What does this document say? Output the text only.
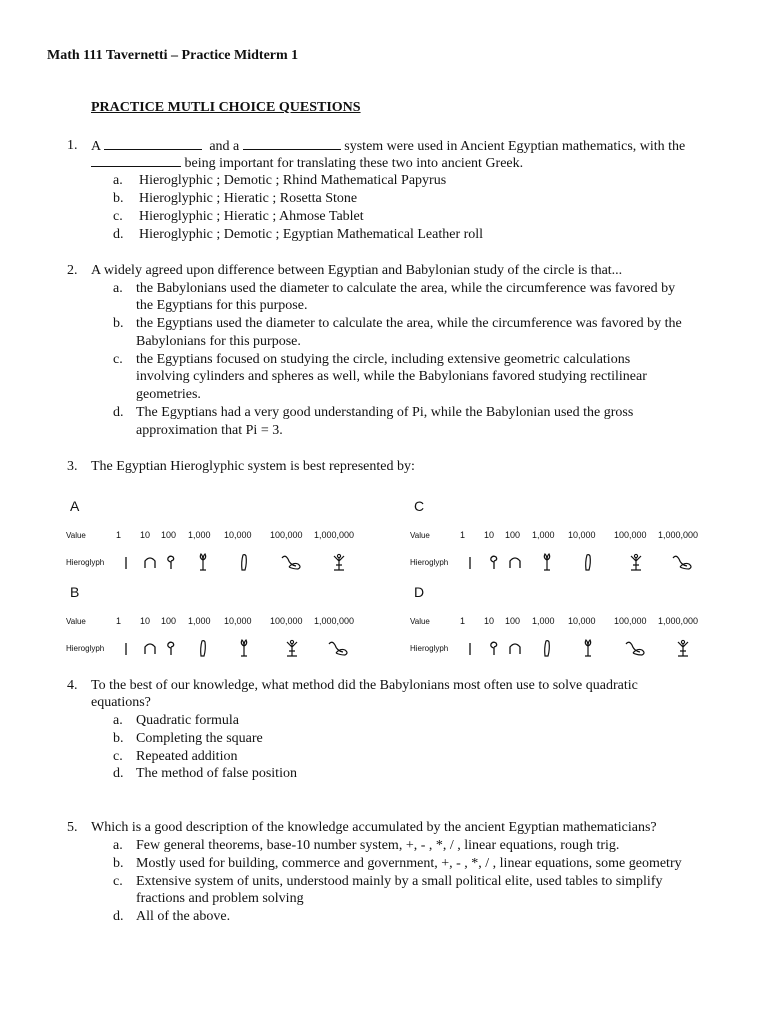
Math 111 Tavernetti – Practice Midterm 1
PRACTICE MUTLI CHOICE QUESTIONS
1. A	and a	system were used in Ancient Egyptian mathematics, with the
being important for translating these two into ancient Greek.
a. Hieroglyphic ; Demotic ; Rhind Mathematical Papyrus
b. Hieroglyphic ; Hieratic ; Rosetta Stone
c. Hieroglyphic ; Hieratic ; Ahmose Tablet
d. Hieroglyphic ; Demotic ; Egyptian Mathematical Leather roll
2. A widely agreed upon difference between Egyptian and Babylonian study of the circle is that...
a. the Babylonians used the diameter to calculate the area, while the circumference was favored by
the Egyptians for this purpose.
b. the Egyptians used the diameter to calculate the area, while the circumference was favored by the
Babylonians for this purpose.
c. the Egyptians focused on studying the circle, including extensive geometric calculations
involving cylinders and spheres as well, while the Babylonians favored studying rectilinear
geometries.
d. The Egyptians had a very good understanding of Pi, while the Babylonian used the gross
approximation that Pi = 3.
3. The Egyptian Hieroglyphic system is best represented by:
A
Value
Hieroglyph
1 10 100 1,000 10,000 100,000 1,000,000
C
Value
Hieroglyph
1 10 100 1,000 10,000 100,000 1,000,000
B
Value
Hieroglyph
1 10 100 1,000 10,000 100,000 1,000,000
D
Value
Hieroglyph
1 10 100 1,000 10,000 100,000 1,000,000
4. To the best of our knowledge, what method did the Babylonians most often use to solve quadratic
equations?
a. Quadratic formula
b. Completing the square
c. Repeated addition
d. The method of false position
5. Which is a good description of the knowledge accumulated by the ancient Egyptian mathematicians?
a. Few general theorems, base-10 number system, +, - , *, / , linear equations, rough trig.
b. Mostly used for building, commerce and government, +, - , *, / , linear equations, some geometry
c. Extensive system of units, understood mainly by a small political elite, used tables to simplify
fractions and problem solving
d. All of the above.
